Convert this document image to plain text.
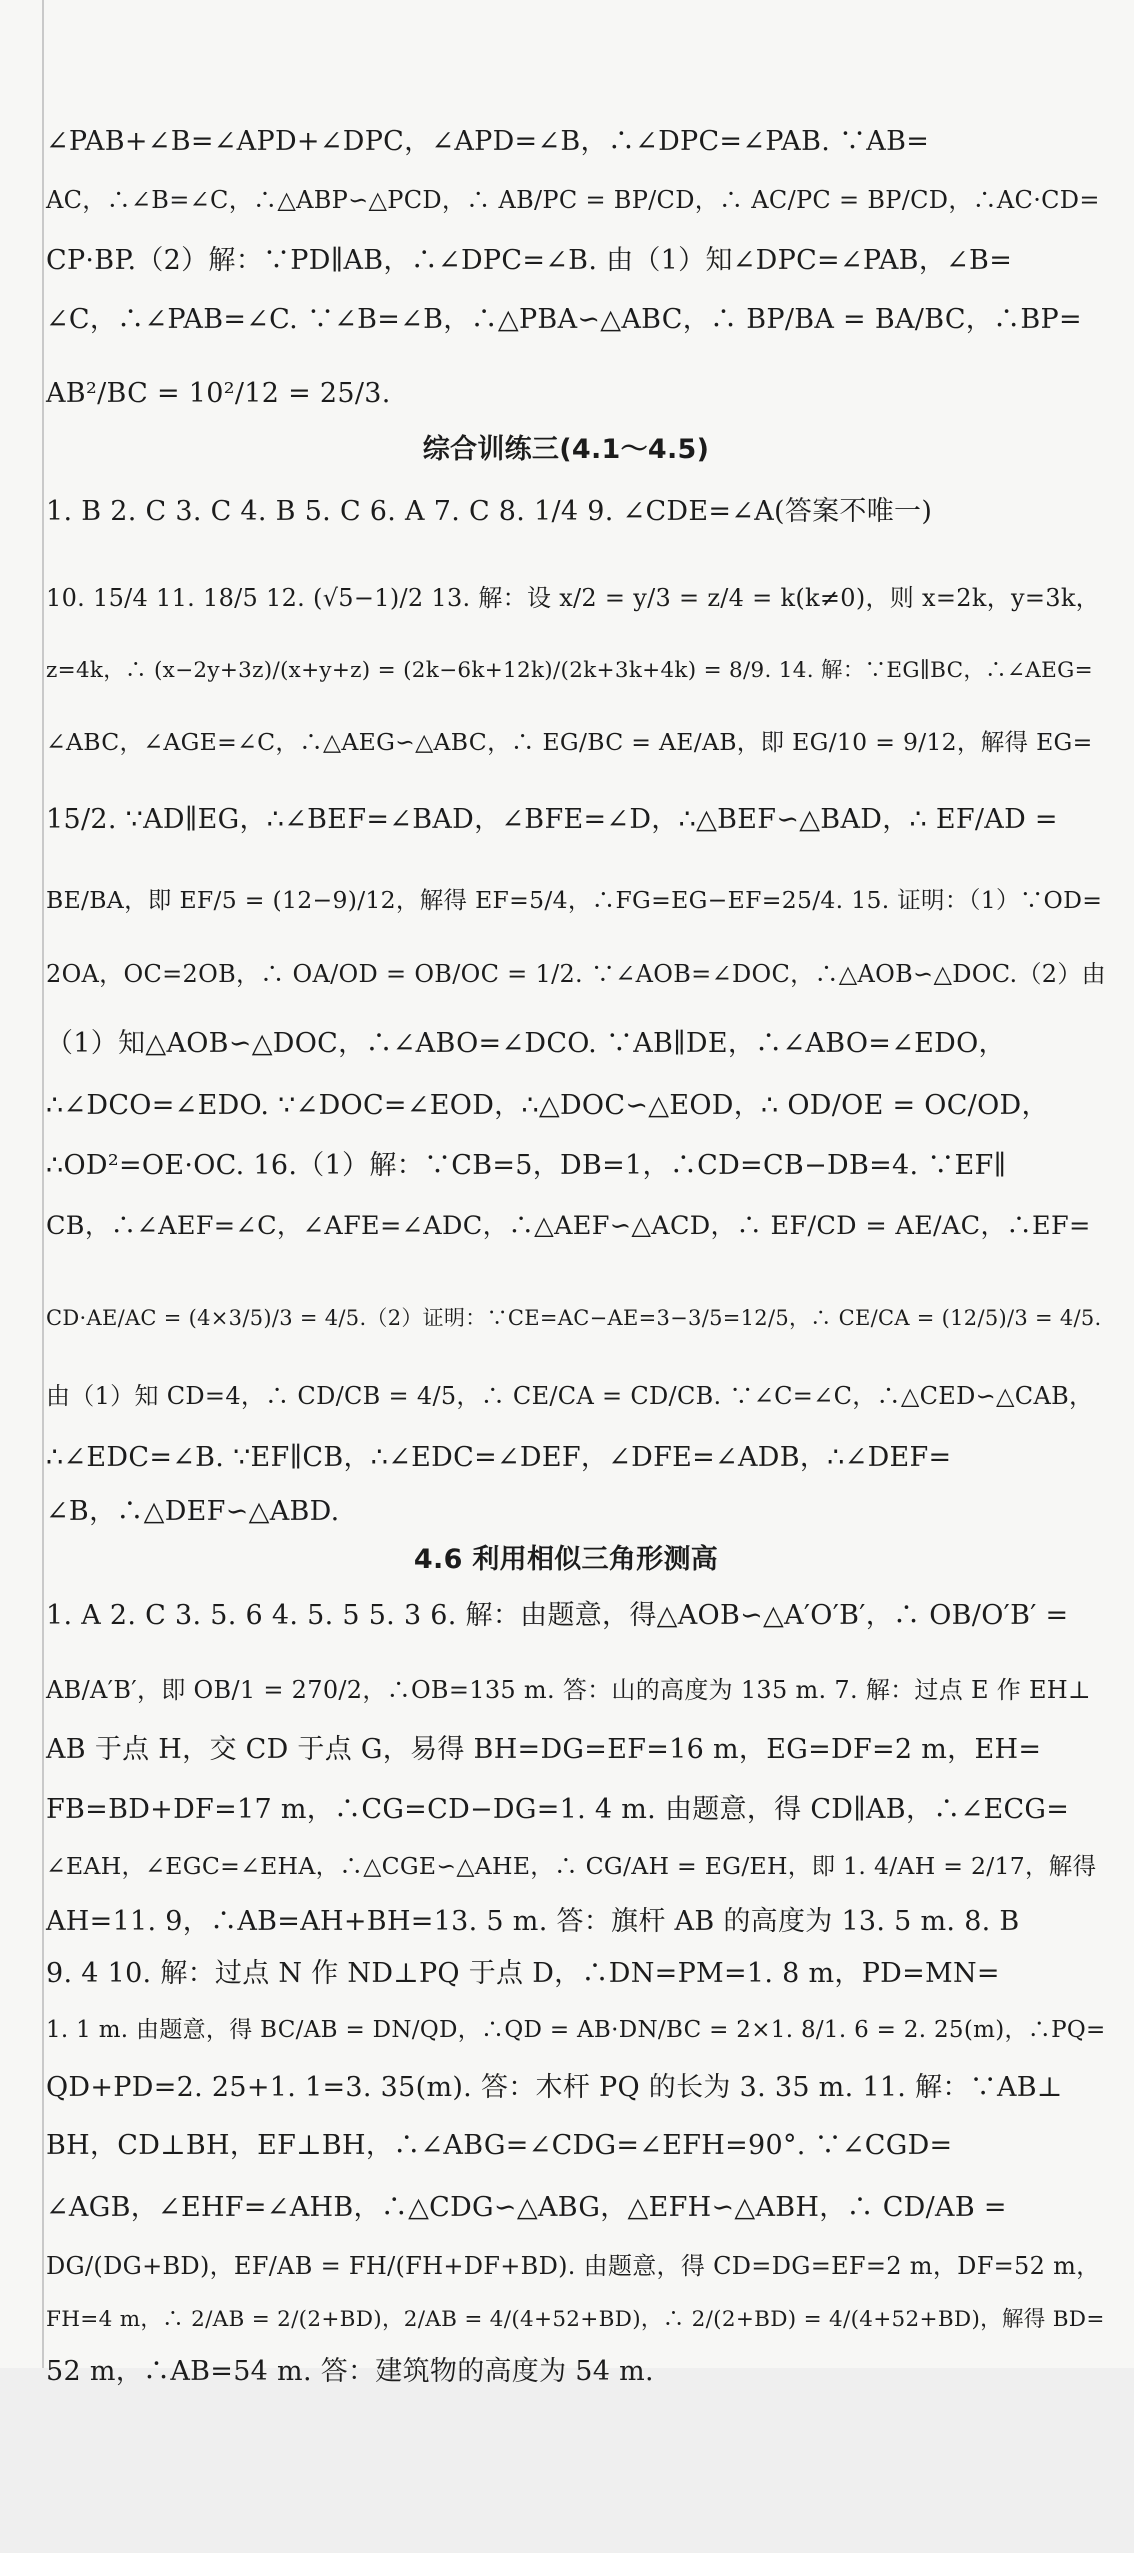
∠PAB+∠B=∠APD+∠DPC，∠APD=∠B，∴∠DPC=∠PAB. ∵AB=
AC，∴∠B=∠C，∴△ABP∽△PCD，∴ AB/PC = BP/CD，∴ AC/PC = BP/CD，∴AC·CD=
CP·BP.（2）解：∵PD∥AB，∴∠DPC=∠B. 由（1）知∠DPC=∠PAB，∠B=
∠C，∴∠PAB=∠C. ∵∠B=∠B，∴△PBA∽△ABC，∴ BP/BA = BA/BC，∴BP=
AB²/BC = 10²/12 = 25/3.
综合训练三(4.1～4.5)
1. B 2. C 3. C 4. B 5. C 6. A 7. C 8. 1/4 9. ∠CDE=∠A(答案不唯一)
10. 15/4 11. 18/5 12. (√5−1)/2 13. 解：设 x/2 = y/3 = z/4 = k(k≠0)，则 x=2k，y=3k，
z=4k，∴ (x−2y+3z)/(x+y+z) = (2k−6k+12k)/(2k+3k+4k) = 8/9. 14. 解：∵EG∥BC，∴∠AEG=
∠ABC，∠AGE=∠C，∴△AEG∽△ABC，∴ EG/BC = AE/AB，即 EG/10 = 9/12，解得 EG=
15/2. ∵AD∥EG，∴∠BEF=∠BAD，∠BFE=∠D，∴△BEF∽△BAD，∴ EF/AD =
BE/BA，即 EF/5 = (12−9)/12，解得 EF=5/4，∴FG=EG−EF=25/4. 15. 证明：（1）∵OD=
2OA，OC=2OB，∴ OA/OD = OB/OC = 1/2. ∵∠AOB=∠DOC，∴△AOB∽△DOC.（2）由
（1）知△AOB∽△DOC，∴∠ABO=∠DCO. ∵AB∥DE，∴∠ABO=∠EDO，
∴∠DCO=∠EDO. ∵∠DOC=∠EOD，∴△DOC∽△EOD，∴ OD/OE = OC/OD，
∴OD²=OE·OC. 16.（1）解：∵CB=5，DB=1，∴CD=CB−DB=4. ∵EF∥
CB，∴∠AEF=∠C，∠AFE=∠ADC，∴△AEF∽△ACD，∴ EF/CD = AE/AC，∴EF=
CD·AE/AC = (4×3/5)/3 = 4/5.（2）证明：∵CE=AC−AE=3−3/5=12/5，∴ CE/CA = (12/5)/3 = 4/5.
由（1）知 CD=4，∴ CD/CB = 4/5，∴ CE/CA = CD/CB. ∵∠C=∠C，∴△CED∽△CAB，
∴∠EDC=∠B. ∵EF∥CB，∴∠EDC=∠DEF，∠DFE=∠ADB，∴∠DEF=
∠B，∴△DEF∽△ABD.
4.6 利用相似三角形测高
1. A 2. C 3. 5. 6 4. 5. 5 5. 3 6. 解：由题意，得△AOB∽△A′O′B′，∴ OB/O′B′ =
AB/A′B′，即 OB/1 = 270/2，∴OB=135 m. 答：山的高度为 135 m. 7. 解：过点 E 作 EH⊥
AB 于点 H，交 CD 于点 G，易得 BH=DG=EF=16 m，EG=DF=2 m，EH=
FB=BD+DF=17 m，∴CG=CD−DG=1. 4 m. 由题意，得 CD∥AB，∴∠ECG=
∠EAH，∠EGC=∠EHA，∴△CGE∽△AHE，∴ CG/AH = EG/EH，即 1. 4/AH = 2/17，解得
AH=11. 9，∴AB=AH+BH=13. 5 m. 答：旗杆 AB 的高度为 13. 5 m. 8. B
9. 4 10. 解：过点 N 作 ND⊥PQ 于点 D，∴DN=PM=1. 8 m，PD=MN=
1. 1 m. 由题意，得 BC/AB = DN/QD，∴QD = AB·DN/BC = 2×1. 8/1. 6 = 2. 25(m)，∴PQ=
QD+PD=2. 25+1. 1=3. 35(m). 答：木杆 PQ 的长为 3. 35 m. 11. 解：∵AB⊥
BH，CD⊥BH，EF⊥BH，∴∠ABG=∠CDG=∠EFH=90°. ∵∠CGD=
∠AGB，∠EHF=∠AHB，∴△CDG∽△ABG，△EFH∽△ABH，∴ CD/AB =
DG/(DG+BD)，EF/AB = FH/(FH+DF+BD). 由题意，得 CD=DG=EF=2 m，DF=52 m，
FH=4 m，∴ 2/AB = 2/(2+BD)，2/AB = 4/(4+52+BD)，∴ 2/(2+BD) = 4/(4+52+BD)，解得 BD=
52 m，∴AB=54 m. 答：建筑物的高度为 54 m.
